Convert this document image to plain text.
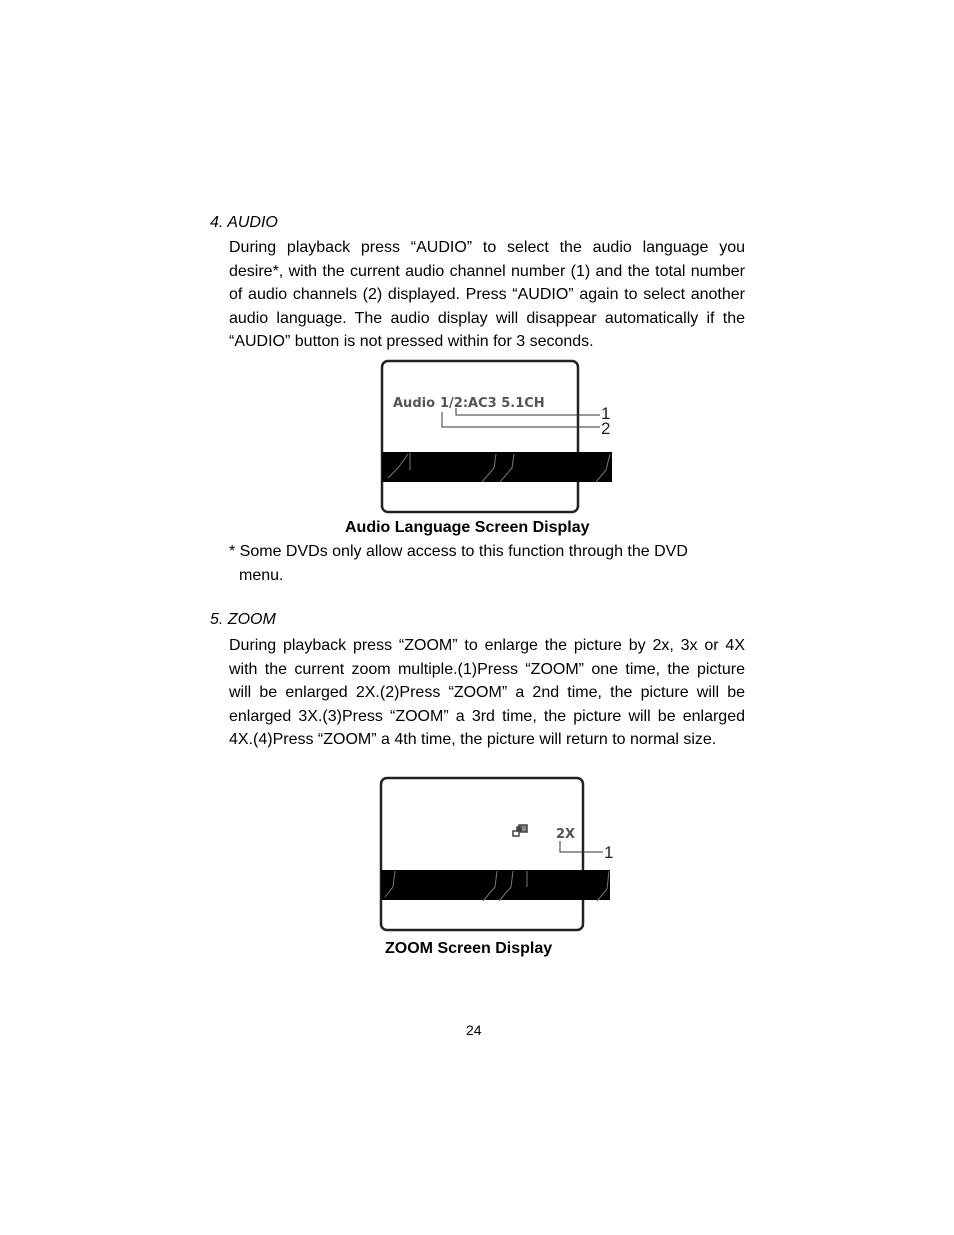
4. AUDIO
During playback press “AUDIO” to select the audio language you desire*, with the current audio channel number (1) and the total number of audio channels (2) displayed. Press “AUDIO” again to select another audio language. The audio display will disappear automatically if the “AUDIO” button is not pressed within for 3 seconds.
Audio 1/2:AC3 5.1CH
1
2
Audio Language Screen Display
* Some DVDs only allow access to this function through the DVD
menu.
5. ZOOM
During playback press “ZOOM” to enlarge the picture by 2x, 3x or 4X with the current zoom multiple.(1)Press “ZOOM” one time, the picture will be enlarged 2X.(2)Press “ZOOM” a 2nd time, the picture will be enlarged 3X.(3)Press “ZOOM” a 3rd time, the picture will be enlarged 4X.(4)Press “ZOOM” a 4th time, the picture will return to normal size.
2X
1
ZOOM Screen Display
24
